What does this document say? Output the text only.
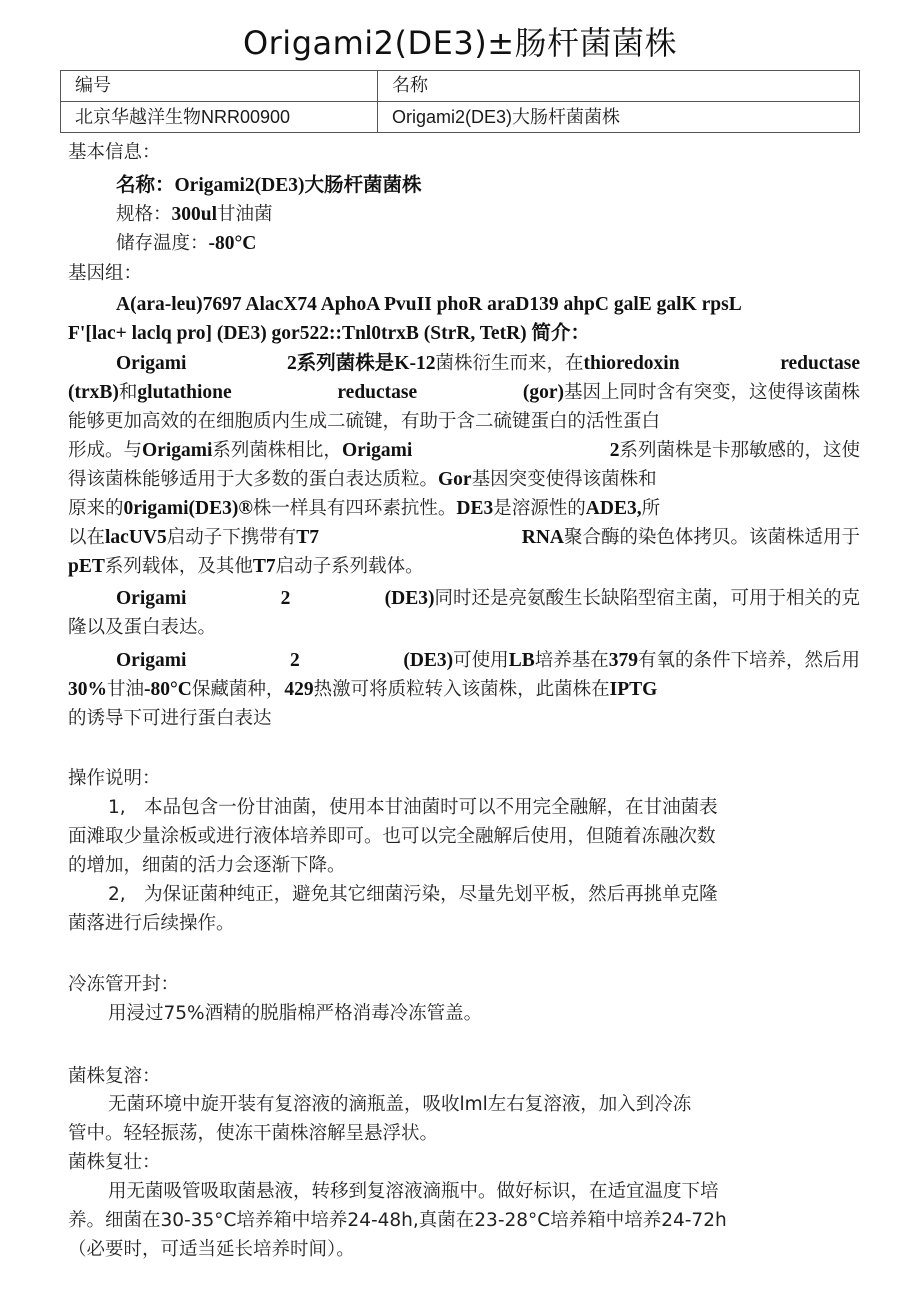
Origami2(DE3)±肠杆菌菌株
编号	名称
北京华越洋生物NRR00900	Origami2(DE3)大肠杆菌菌株
基本信息：
名称：Origami2(DE3)大肠杆菌菌株
规格：300ul甘油菌
储存温度：-80°C
基因组：
A(ara-leu)7697 AlacX74 AphoA PvuII phoR araD139 ahpC galE galK rpsL
F'[lac+ laclq pro] (DE3) gor522::Tnl0trxB (StrR, TetR) 简介：
Origami	2系列菌株是K-12菌株衍生而来，在thioredoxin	reductase
(trxB)和glutathione	reductase	(gor)基因上同时含有突变，这使得该菌株
能够更加高效的在细胞质内生成二硫键，有助于含二硫键蛋白的活性蛋白
形成。与Origami系列菌株相比，Origami	2系列菌株是卡那敏感的，这使
得该菌株能够适用于大多数的蛋白表达质粒。Gor基因突变使得该菌株和
原来的0rigami(DE3)®株一样具有四环素抗性。DE3是溶源性的ADE3,所
以在lacUV5启动子下携带有T7	RNA聚合酶的染色体拷贝。该菌株适用于
pET系列载体，及其他T7启动子系列载体。
Origami	2	(DE3)同时还是亮氨酸生长缺陷型宿主菌，可用于相关的克
隆以及蛋白表达。
Origami	2	(DE3)可使用LB培养基在379有氧的条件下培养，然后用
30%甘油-80°C保藏菌种，429热激可将质粒转入该菌株，此菌株在IPTG
的诱导下可进行蛋白表达
操作说明：
1,　本品包含一份甘油菌，使用本甘油菌时可以不用完全融解，在甘油菌表
面滩取少量涂板或进行液体培养即可。也可以完全融解后使用，但随着冻融次数
的增加，细菌的活力会逐渐下降。
2,　为保证菌种纯正，避免其它细菌污染，尽量先划平板，然后再挑单克隆
菌落进行后续操作。
冷冻管开封：
用浸过75%酒精的脱脂棉严格消毒冷冻管盖。
菌株复溶：
无菌环境中旋开装有复溶液的滴瓶盖，吸收lml左右复溶液，加入到冷冻
管中。轻轻振荡，使冻干菌株溶解呈悬浮状。
菌株复壮：
用无菌吸管吸取菌悬液，转移到复溶液滴瓶中。做好标识，在适宜温度下培
养。细菌在30-35°C培养箱中培养24-48h,真菌在23-28°C培养箱中培养24-72h
（必要时，可适当延长培养时间）。
